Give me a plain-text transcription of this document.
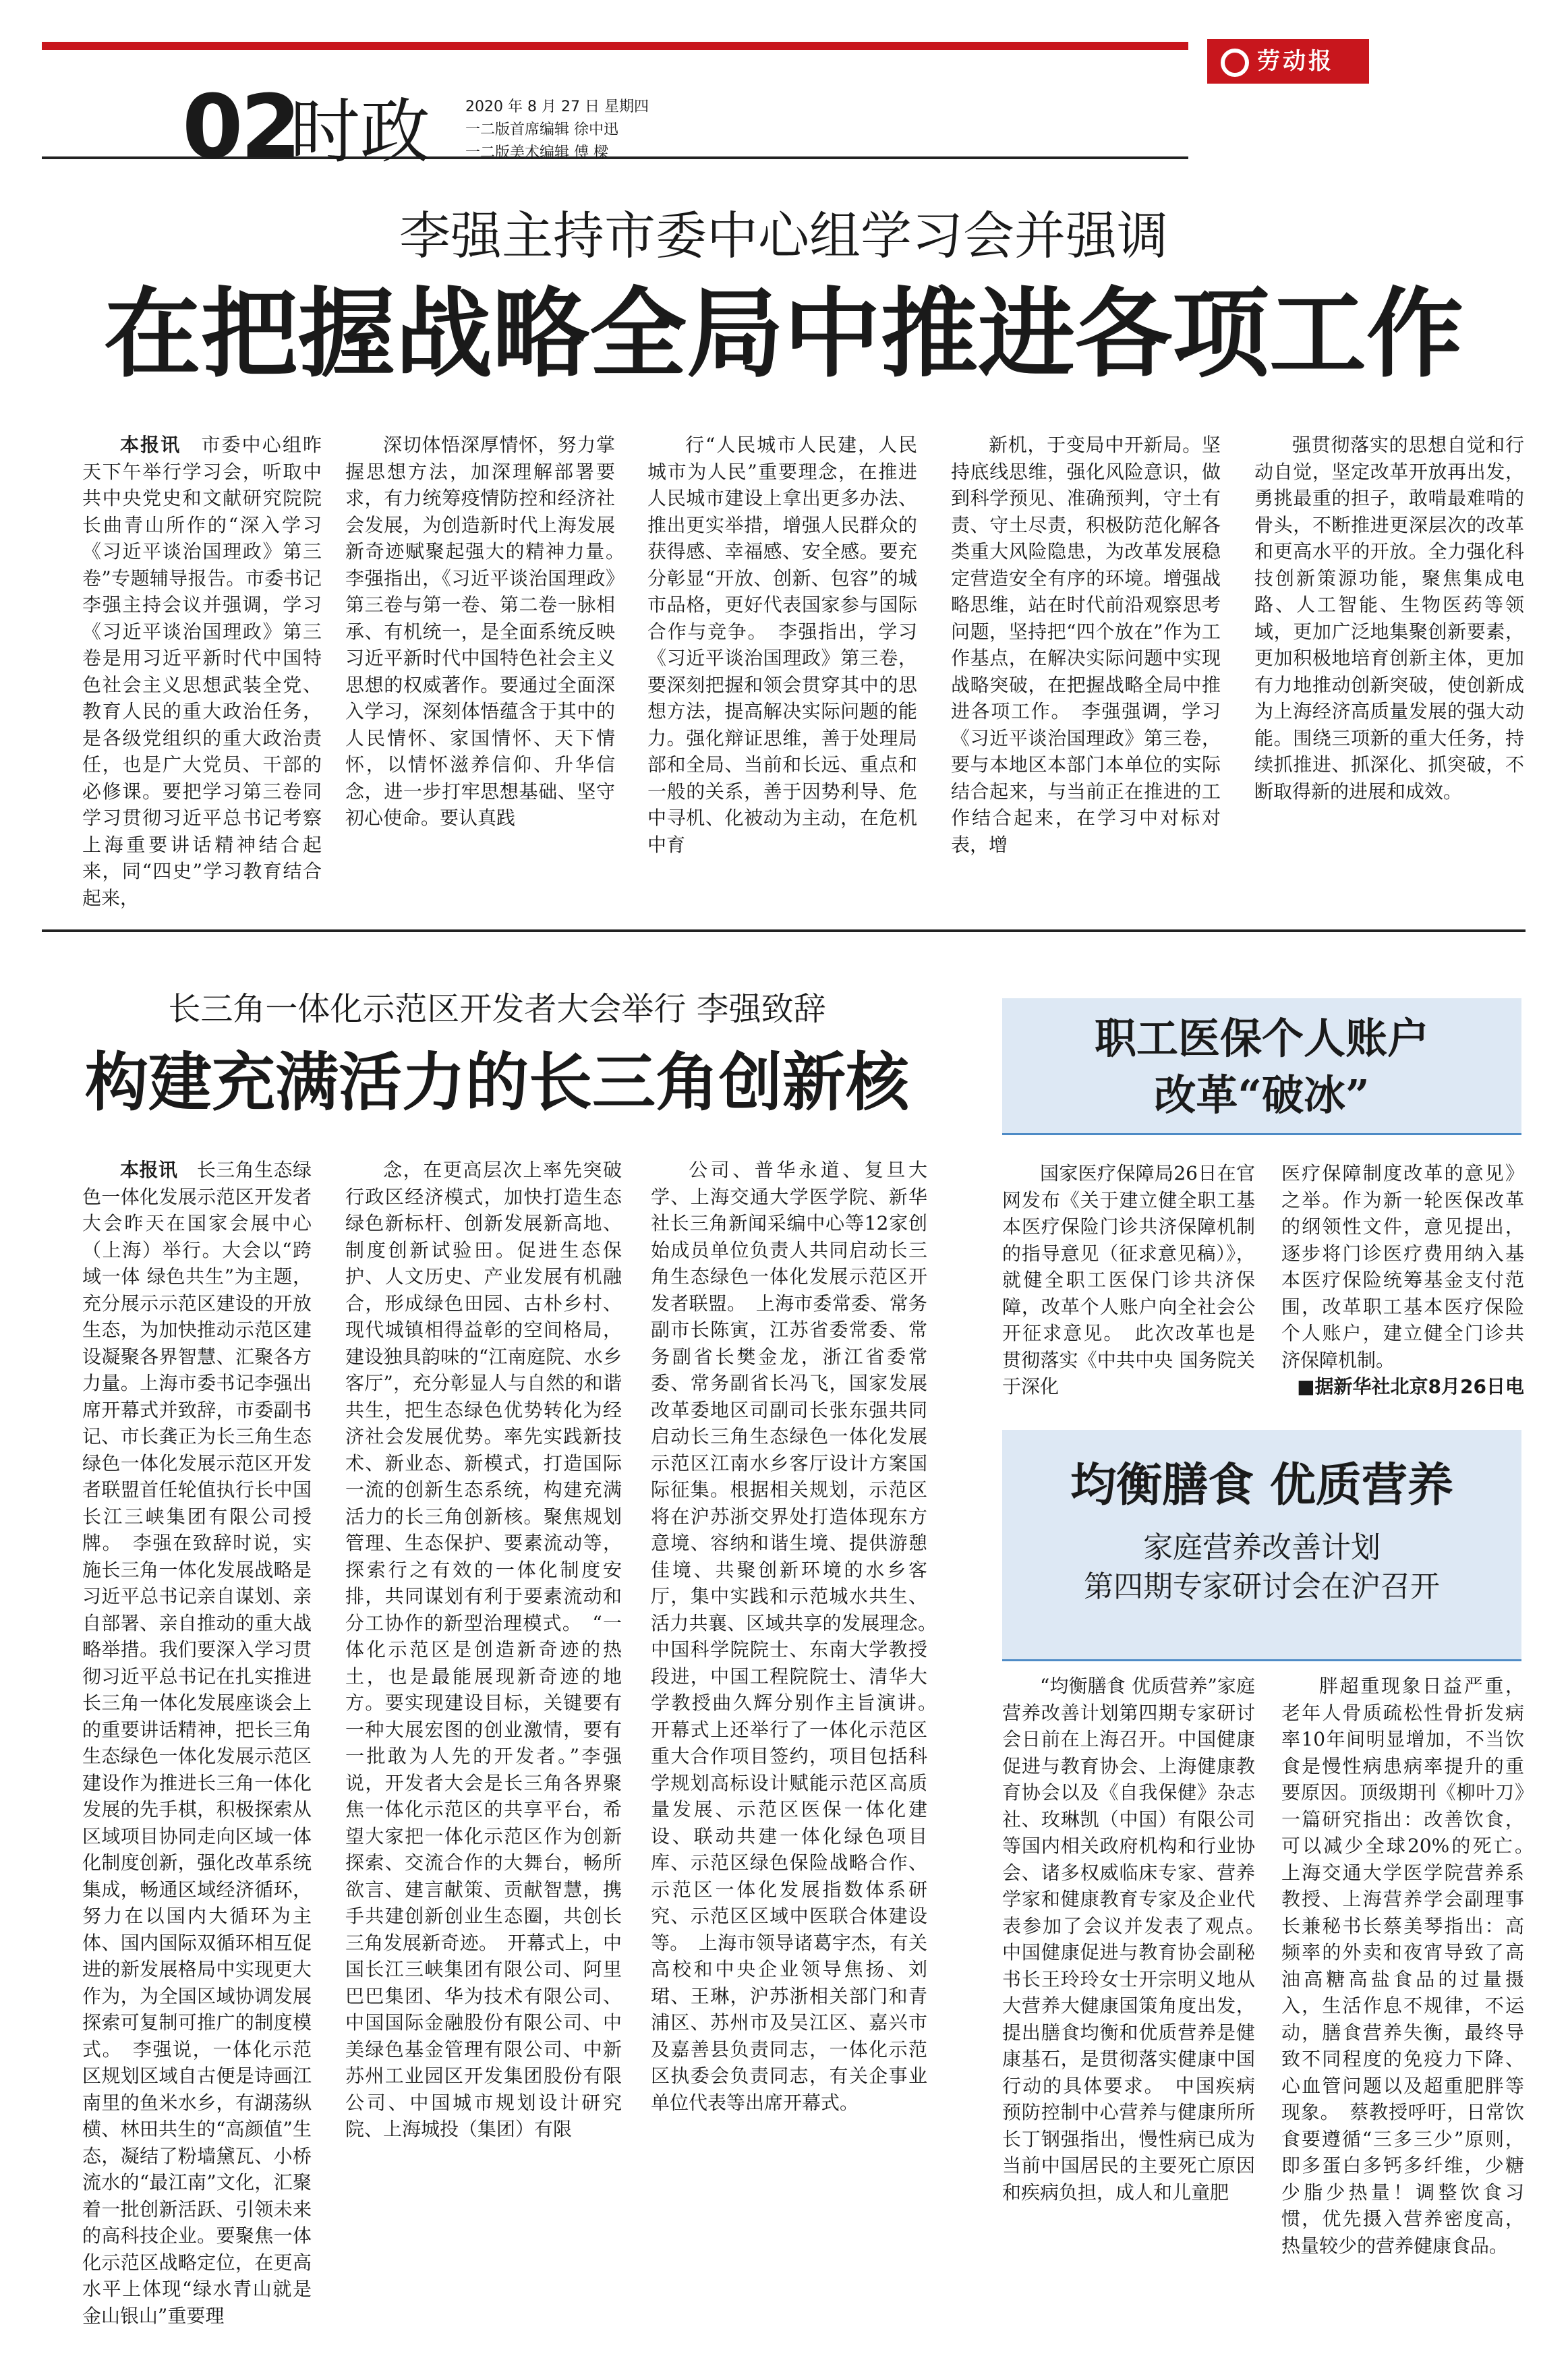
劳动报
02
时政 2020 年 8 月 27 日 星期四
一二版首席编辑 徐中迅
一二版美术编辑 傅 樑
李强主持市委中心组学习会并强调
在把握战略全局中推进各项工作

本报讯　 市委中心组昨天下午举行学习会，听取中共中央党史和文献研究院院长曲青山所作的“深入学习《习近平谈治国理政》第三卷”专题辅导报告。市委书记李强主持会议并强调，学习《习近平谈治国理政》第三卷是用习近平新时代中国特色社会主义思想武装全党、教育人民的重大政治任务，是各级党组织的重大政治责任，也是广大党员、干部的必修课。要把学习第三卷同学习贯彻习近平总书记考察上海重要讲话精神结合起来，同“四史”学习教育结合起来，

深切体悟深厚情怀，努力掌握思想方法，加深理解部署要求，有力统筹疫情防控和经济社会发展，为创造新时代上海发展新奇迹赋聚起强大的精神力量。　李强指出，《习近平谈治国理政》第三卷与第一卷、第二卷一脉相承、有机统一，是全面系统反映习近平新时代中国特色社会主义思想的权威著作。要通过全面深入学习，深刻体悟蕴含于其中的人民情怀、家国情怀、天下情怀，以情怀滋养信仰、升华信念，进一步打牢思想基础、坚守初心使命。要认真践
行“人民城市人民建，人民城市为人民”重要理念，在推进人民城市建设上拿出更多办法、推出更实举措，增强人民群众的获得感、幸福感、安全感。要充分彰显“开放、创新、包容”的城市品格，更好代表国家参与国际合作与竞争。　李强指出，学习《习近平谈治国理政》第三卷，要深刻把握和领会贯穿其中的思想方法，提高解决实际问题的能力。强化辩证思维，善于处理局部和全局、当前和长远、重点和一般的关系，善于因势利导、危中寻机、化被动为主动，在危机中育
新机，于变局中开新局。坚持底线思维，强化风险意识，做到科学预见、准确预判，守土有责、守土尽责，积极防范化解各类重大风险隐患，为改革发展稳定营造安全有序的环境。增强战略思维，站在时代前沿观察思考问题，坚持把“四个放在”作为工作基点，在解决实际问题中实现战略突破，在把握战略全局中推进各项工作。　李强强调，学习《习近平谈治国理政》第三卷，要与本地区本部门本单位的实际结合起来，与当前正在推进的工作结合起来，在学习中对标对表，增
强贯彻落实的思想自觉和行动自觉，坚定改革开放再出发，勇挑最重的担子，敢啃最难啃的骨头，不断推进更深层次的改革和更高水平的开放。全力强化科技创新策源功能，聚焦集成电路、人工智能、生物医药等领域，更加广泛地集聚创新要素，更加积极地培育创新主体，更加有力地推动创新突破，使创新成为上海经济高质量发展的强大动能。围绕三项新的重大任务，持续抓推进、抓深化、抓突破，不断取得新的进展和成效。
长三角一体化示范区开发者大会举行 李强致辞
构建充满活力的长三角创新核

本报讯　 长三角生态绿色一体化发展示范区开发者大会昨天在国家会展中心（上海）举行。大会以“跨域一体 绿色共生”为主题，充分展示示范区建设的开放生态，为加快推动示范区建设凝聚各界智慧、汇聚各方力量。上海市委书记李强出席开幕式并致辞，市委副书记、市长龚正为长三角生态绿色一体化发展示范区开发者联盟首任轮值执行长中国长江三峡集团有限公司授牌。　李强在致辞时说，实施长三角一体化发展战略是习近平总书记亲自谋划、亲自部署、亲自推动的重大战略举措。我们要深入学习贯彻习近平总书记在扎实推进长三角一体化发展座谈会上的重要讲话精神，把长三角生态绿色一体化发展示范区建设作为推进长三角一体化发展的先手棋，积极探索从区域项目协同走向区域一体化制度创新，强化改革系统集成，畅通区域经济循环，努力在以国内大循环为主体、国内国际双循环相互促进的新发展格局中实现更大作为，为全国区域协调发展探索可复制可推广的制度模式。　李强说，一体化示范区规划区域自古便是诗画江南里的鱼米水乡，有湖荡纵横、林田共生的“高颜值”生态，凝结了粉墙黛瓦、小桥流水的“最江南”文化，汇聚着一批创新活跃、引领未来的高科技企业。要聚焦一体化示范区战略定位，在更高水平上体现“绿水青山就是金山银山”重要理

念，在更高层次上率先突破行政区经济模式，加快打造生态绿色新标杆、创新发展新高地、制度创新试验田。促进生态保护、人文历史、产业发展有机融合，形成绿色田园、古朴乡村、现代城镇相得益彰的空间格局，建设独具韵味的“江南庭院、水乡客厅”，充分彰显人与自然的和谐共生，把生态绿色优势转化为经济社会发展优势。率先实践新技术、新业态、新模式，打造国际一流的创新生态系统，构建充满活力的长三角创新核。聚焦规划管理、生态保护、要素流动等，探索行之有效的一体化制度安排，共同谋划有利于要素流动和分工协作的新型治理模式。　“一体化示范区是创造新奇迹的热土，也是最能展现新奇迹的地方。要实现建设目标，关键要有一种大展宏图的创业激情，要有一批敢为人先的开发者。”李强说，开发者大会是长三角各界聚焦一体化示范区的共享平台，希望大家把一体化示范区作为创新探索、交流合作的大舞台，畅所欲言、建言献策、贡献智慧，携手共建创新创业生态圈，共创长三角发展新奇迹。　开幕式上，中国长江三峡集团有限公司、阿里巴巴集团、华为技术有限公司、中国国际金融股份有限公司、中美绿色基金管理有限公司、中新苏州工业园区开发集团股份有限公司、中国城市规划设计研究院、上海城投（集团）有限
公司、普华永道、复旦大学、上海交通大学医学院、新华社长三角新闻采编中心等12家创始成员单位负责人共同启动长三角生态绿色一体化发展示范区开发者联盟。　上海市委常委、常务副市长陈寅，江苏省委常委、常务副省长樊金龙，浙江省委常委、常务副省长冯飞，国家发展改革委地区司副司长张东强共同启动长三角生态绿色一体化发展示范区江南水乡客厅设计方案国际征集。根据相关规划，示范区将在沪苏浙交界处打造体现东方意境、容纳和谐生境、提供游憩佳境、共聚创新环境的水乡客厅，集中实践和示范城水共生、活力共襄、区域共享的发展理念。　中国科学院院士、东南大学教授段进，中国工程院院士、清华大学教授曲久辉分别作主旨演讲。　开幕式上还举行了一体化示范区重大合作项目签约，项目包括科学规划高标设计赋能示范区高质量发展、示范区医保一体化建设、联动共建一体化绿色项目库、示范区绿色保险战略合作、示范区一体化发展指数体系研究、示范区区域中医联合体建设等。　上海市领导诸葛宇杰，有关高校和中央企业领导焦扬、刘珺、王琳，沪苏浙相关部门和青浦区、苏州市及吴江区、嘉兴市及嘉善县负责同志，一体化示范区执委会负责同志，有关企事业单位代表等出席开幕式。
职工医保个人账户
改革“破冰”
国家医疗保障局26日在官网发布《关于建立健全职工基本医疗保险门诊共济保障机制的指导意见（征求意见稿）》，就健全职工医保门诊共济保障，改革个人账户向全社会公开征求意见。　此次改革也是贯彻落实《中共中央 国务院关于深化

医疗保障制度改革的意见》之举。作为新一轮医保改革的纲领性文件，意见提出，逐步将门诊医疗费用纳入基本医疗保险统筹基金支付范围，改革职工基本医疗保险个人账户，建立健全门诊共济保障机制。

■据新华社北京8月26日电

均衡膳食 优质营养
家庭营养改善计划
第四期专家研讨会在沪召开
“均衡膳食 优质营养”家庭营养改善计划第四期专家研讨会日前在上海召开。中国健康促进与教育协会、上海健康教育协会以及《自我保健》杂志社、玫琳凯（中国）有限公司等国内相关政府机构和行业协会、诸多权威临床专家、营养学家和健康教育专家及企业代表参加了会议并发表了观点。　中国健康促进与教育协会副秘书长王玲玲女士开宗明义地从大营养大健康国策角度出发，提出膳食均衡和优质营养是健康基石，是贯彻落实健康中国行动的具体要求。　中国疾病预防控制中心营养与健康所所长丁钢强指出，慢性病已成为当前中国居民的主要死亡原因和疾病负担，成人和儿童肥
胖超重现象日益严重，老年人骨质疏松性骨折发病率10年间明显增加，不当饮食是慢性病患病率提升的重要原因。顶级期刊《柳叶刀》一篇研究指出：改善饮食，可以减少全球20%的死亡。　上海交通大学医学院营养系教授、上海营养学会副理事长兼秘书长蔡美琴指出：高频率的外卖和夜宵导致了高油高糖高盐食品的过量摄入，生活作息不规律，不运动，膳食营养失衡，最终导致不同程度的免疫力下降、心血管问题以及超重肥胖等现象。　蔡教授呼吁，日常饮食要遵循“三多三少”原则，即多蛋白多钙多纤维，少糖少脂少热量！调整饮食习惯，优先摄入营养密度高，热量较少的营养健康食品。
